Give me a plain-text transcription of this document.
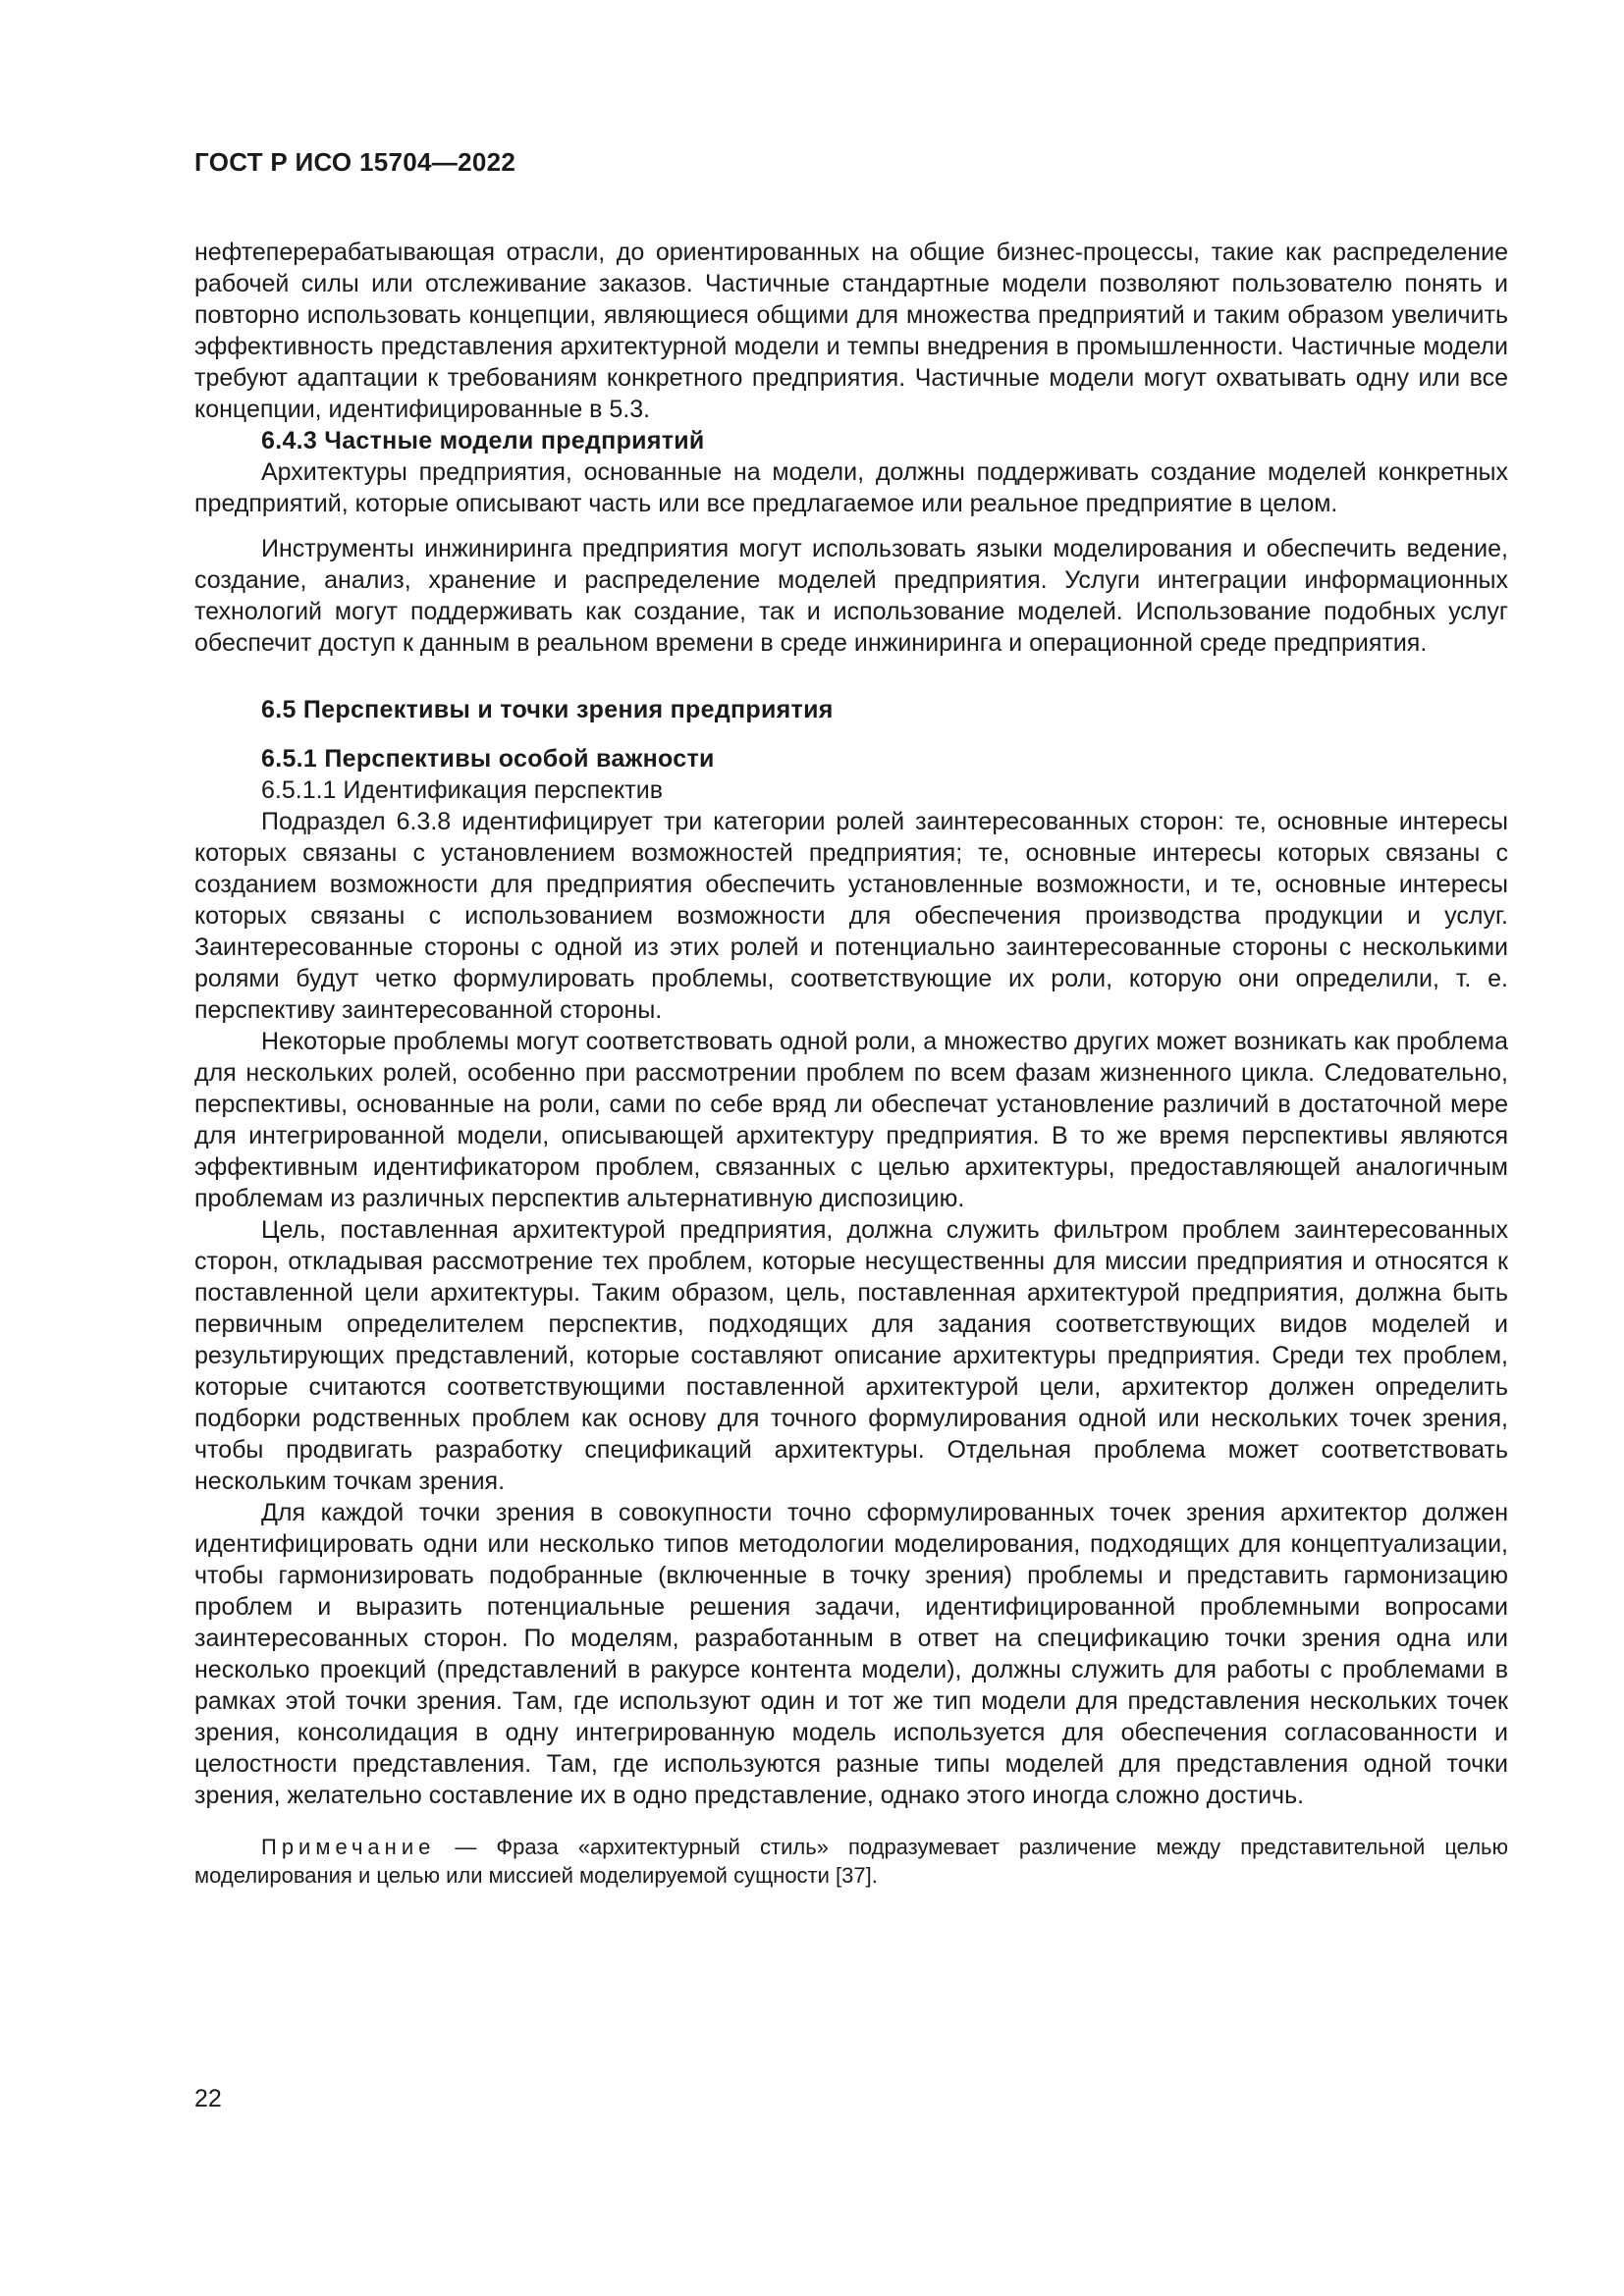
ГОСТ Р ИСО 15704—2022

нефтеперерабатывающая отрасли, до ориентированных на общие бизнес-процессы, такие как распределение рабочей силы или отслеживание заказов. Частичные стандартные модели позволяют пользователю понять и повторно использовать концепции, являющиеся общими для множества предприятий и таким образом увеличить эффективность представления архитектурной модели и темпы внедрения в промышленности. Частичные модели требуют адаптации к требованиям конкретного предприятия. Частичные модели могут охватывать одну или все концепции, идентифицированные в 5.3.

6.4.3 Частные модели предприятий

Архитектуры предприятия, основанные на модели, должны поддерживать создание моделей конкретных предприятий, которые описывают часть или все предлагаемое или реальное предприятие в целом.

Инструменты инжиниринга предприятия могут использовать языки моделирования и обеспечить ведение, создание, анализ, хранение и распределение моделей предприятия. Услуги интеграции информационных технологий могут поддерживать как создание, так и использование моделей. Использование подобных услуг обеспечит доступ к данным в реальном времени в среде инжиниринга и операционной среде предприятия.

6.5 Перспективы и точки зрения предприятия

6.5.1 Перспективы особой важности

6.5.1.1 Идентификация перспектив

Подраздел 6.3.8 идентифицирует три категории ролей заинтересованных сторон: те, основные интересы которых связаны с установлением возможностей предприятия; те, основные интересы которых связаны с созданием возможности для предприятия обеспечить установленные возможности, и те, основные интересы которых связаны с использованием возможности для обеспечения производства продукции и услуг. Заинтересованные стороны с одной из этих ролей и потенциально заинтересованные стороны с несколькими ролями будут четко формулировать проблемы, соответствующие их роли, которую они определили, т. е. перспективу заинтересованной стороны.

Некоторые проблемы могут соответствовать одной роли, а множество других может возникать как проблема для нескольких ролей, особенно при рассмотрении проблем по всем фазам жизненного цикла. Следовательно, перспективы, основанные на роли, сами по себе вряд ли обеспечат установление различий в достаточной мере для интегрированной модели, описывающей архитектуру предприятия. В то же время перспективы являются эффективным идентификатором проблем, связанных с целью архитектуры, предоставляющей аналогичным проблемам из различных перспектив альтернативную диспозицию.

Цель, поставленная архитектурой предприятия, должна служить фильтром проблем заинтересованных сторон, откладывая рассмотрение тех проблем, которые несущественны для миссии предприятия и относятся к поставленной цели архитектуры. Таким образом, цель, поставленная архитектурой предприятия, должна быть первичным определителем перспектив, подходящих для задания соответствующих видов моделей и результирующих представлений, которые составляют описание архитектуры предприятия. Среди тех проблем, которые считаются соответствующими поставленной архитектурой цели, архитектор должен определить подборки родственных проблем как основу для точного формулирования одной или нескольких точек зрения, чтобы продвигать разработку спецификаций архитектуры. Отдельная проблема может соответствовать нескольким точкам зрения.

Для каждой точки зрения в совокупности точно сформулированных точек зрения архитектор должен идентифицировать одни или несколько типов методологии моделирования, подходящих для концептуализации, чтобы гармонизировать подобранные (включенные в точку зрения) проблемы и представить гармонизацию проблем и выразить потенциальные решения задачи, идентифицированной проблемными вопросами заинтересованных сторон. По моделям, разработанным в ответ на спецификацию точки зрения одна или несколько проекций (представлений в ракурсе контента модели), должны служить для работы с проблемами в рамках этой точки зрения. Там, где используют один и тот же тип модели для представления нескольких точек зрения, консолидация в одну интегрированную модель используется для обеспечения согласованности и целостности представления. Там, где используются разные типы моделей для представления одной точки зрения, желательно составление их в одно представление, однако этого иногда сложно достичь.

Примечание — Фраза «архитектурный стиль» подразумевает различение между представительной целью моделирования и целью или миссией моделируемой сущности [37].

22
